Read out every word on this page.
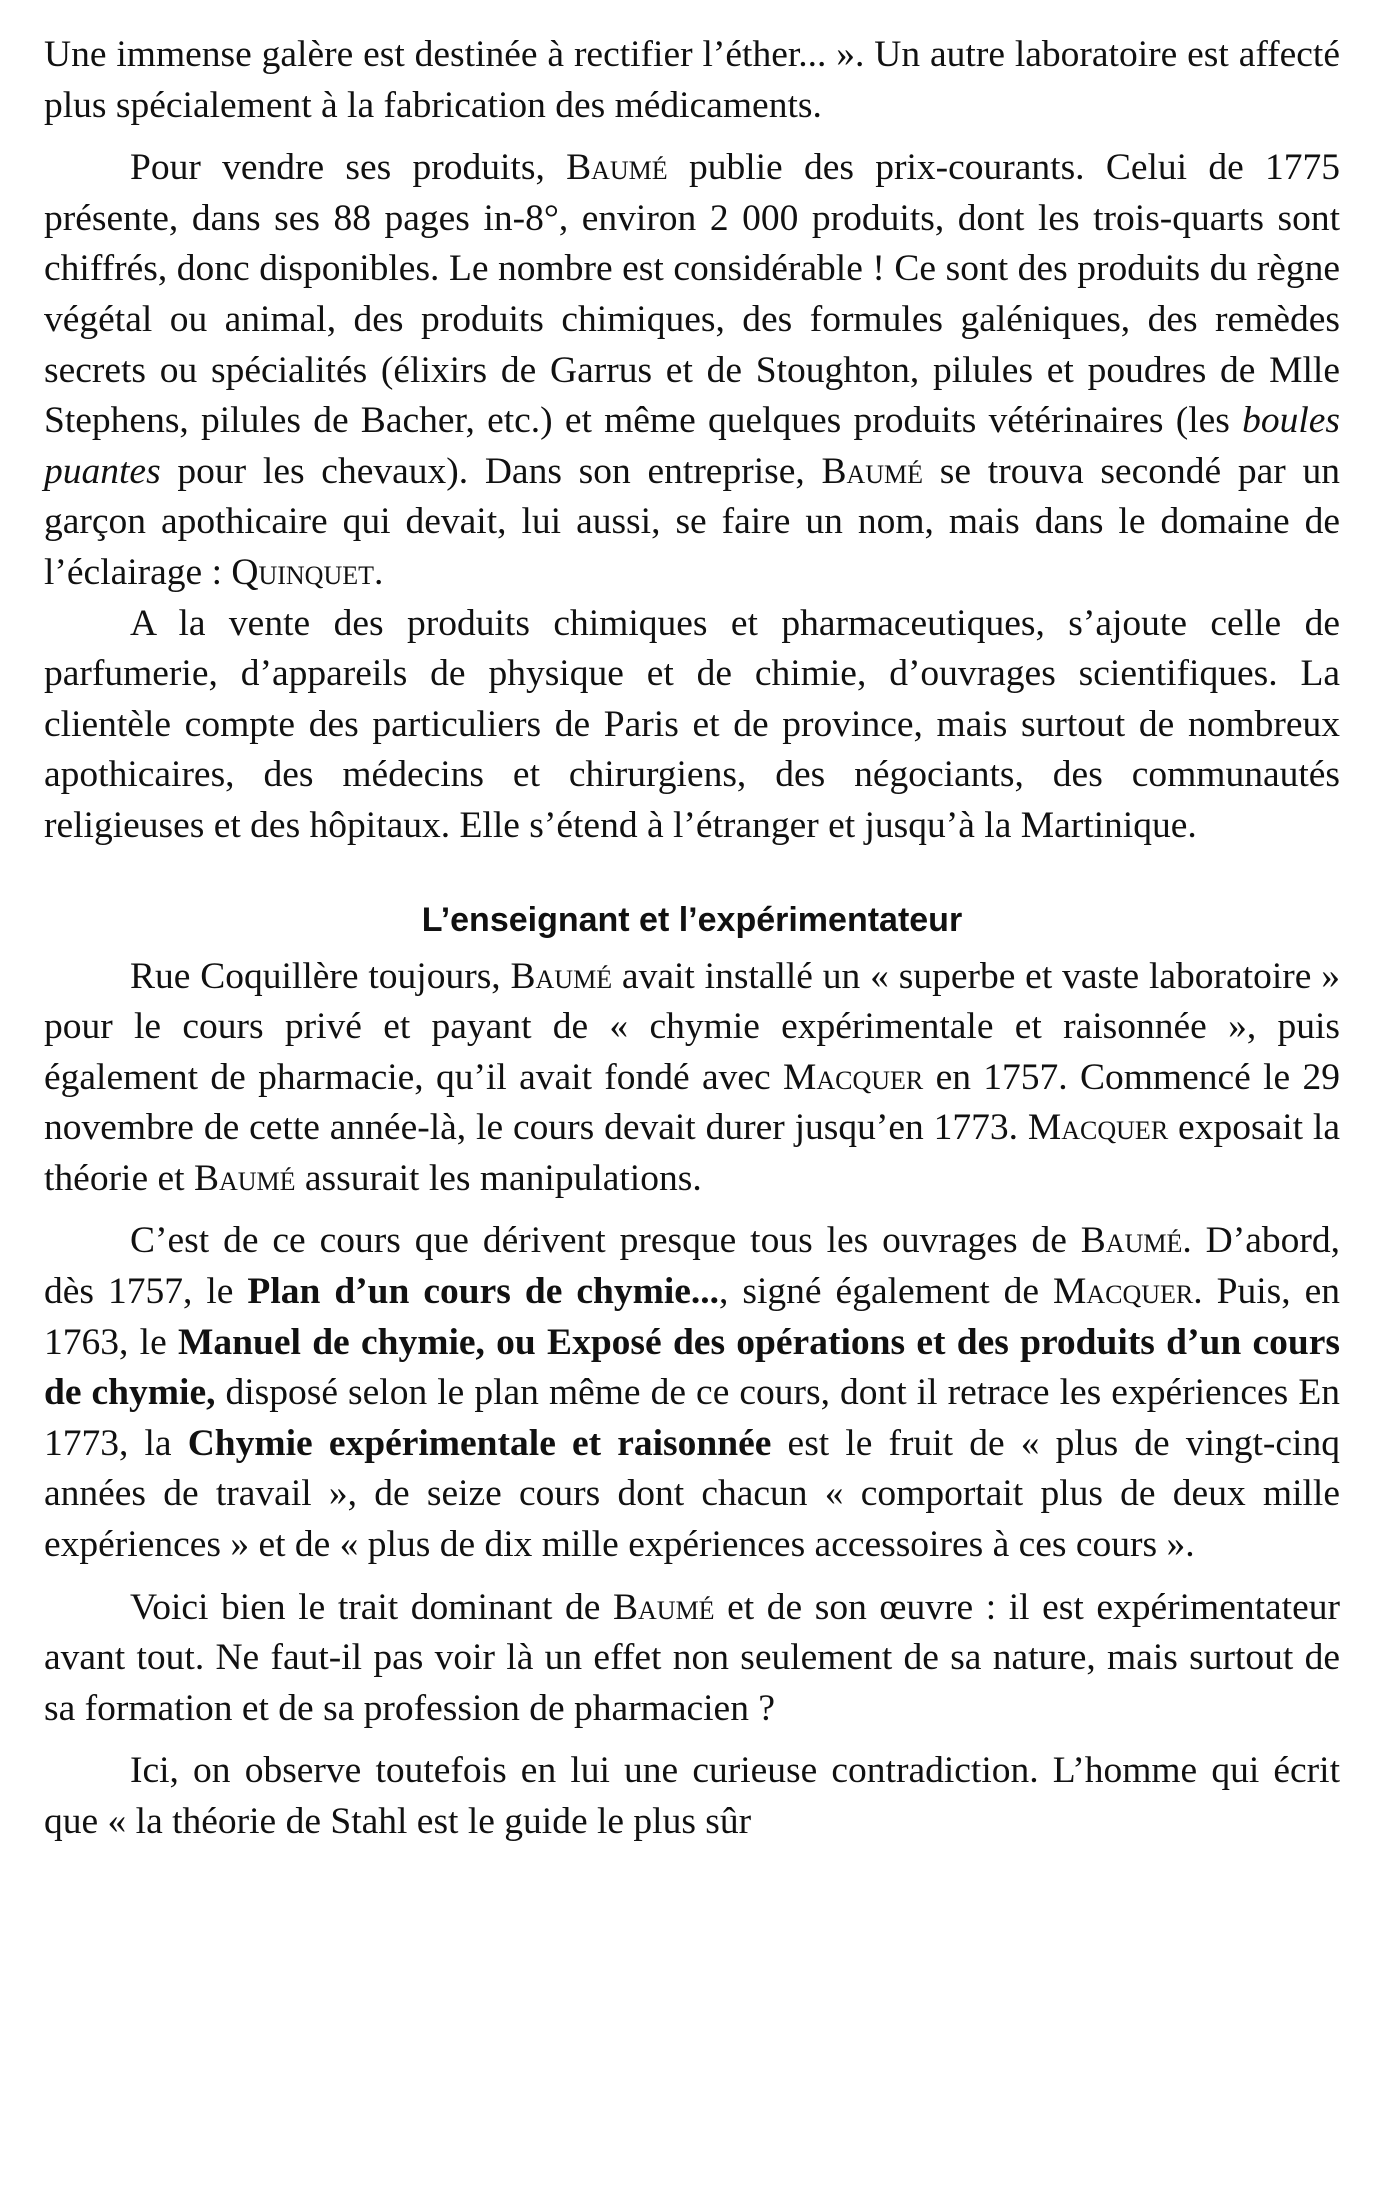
Une immense galère est destinée à rectifier l’éther... ». Un autre laboratoire est affecté plus spécialement à la fabrication des médicaments.

Pour vendre ses produits, Baumé publie des prix-courants. Celui de 1775 présente, dans ses 88 pages in-8°, environ 2 000 produits, dont les trois-quarts sont chiffrés, donc disponibles. Le nombre est considérable ! Ce sont des produits du règne végétal ou animal, des produits chimiques, des formules galéniques, des remèdes secrets ou spécialités (élixirs de Garrus et de Stoughton, pilules et poudres de Mlle Stephens, pilules de Bacher, etc.) et même quelques produits vétérinaires (les boules puantes pour les chevaux). Dans son entreprise, Baumé se trouva secondé par un garçon apothicaire qui devait, lui aussi, se faire un nom, mais dans le domaine de l’éclairage : Quinquet.

A la vente des produits chimiques et pharmaceutiques, s’ajoute celle de parfumerie, d’appareils de physique et de chimie, d’ouvrages scientifiques. La clientèle compte des particuliers de Paris et de province, mais surtout de nombreux apothicaires, des médecins et chirurgiens, des négociants, des communautés religieuses et des hôpitaux. Elle s’étend à l’étranger et jusqu’à la Martinique.

L’enseignant et l’expérimentateur

Rue Coquillère toujours, Baumé avait installé un « superbe et vaste laboratoire » pour le cours privé et payant de « chymie expérimentale et raisonnée », puis également de pharmacie, qu’il avait fondé avec Macquer en 1757. Commencé le 29 novembre de cette année-là, le cours devait durer jusqu’en 1773. Macquer exposait la théorie et Baumé assurait les manipulations.

C’est de ce cours que dérivent presque tous les ouvrages de Baumé. D’abord, dès 1757, le Plan d’un cours de chymie..., signé également de Macquer. Puis, en 1763, le Manuel de chymie, ou Exposé des opérations et des produits d’un cours de chymie, disposé selon le plan même de ce cours, dont il retrace les expériences En 1773, la Chymie expérimentale et raisonnée est le fruit de « plus de vingt-cinq années de travail », de seize cours dont chacun « comportait plus de deux mille expériences » et de « plus de dix mille expériences accessoires à ces cours ».

Voici bien le trait dominant de Baumé et de son œuvre : il est expérimentateur avant tout. Ne faut-il pas voir là un effet non seulement de sa nature, mais surtout de sa formation et de sa profession de pharmacien ?

Ici, on observe toutefois en lui une curieuse contradiction. L’homme qui écrit que « la théorie de Stahl est le guide le plus sûr
